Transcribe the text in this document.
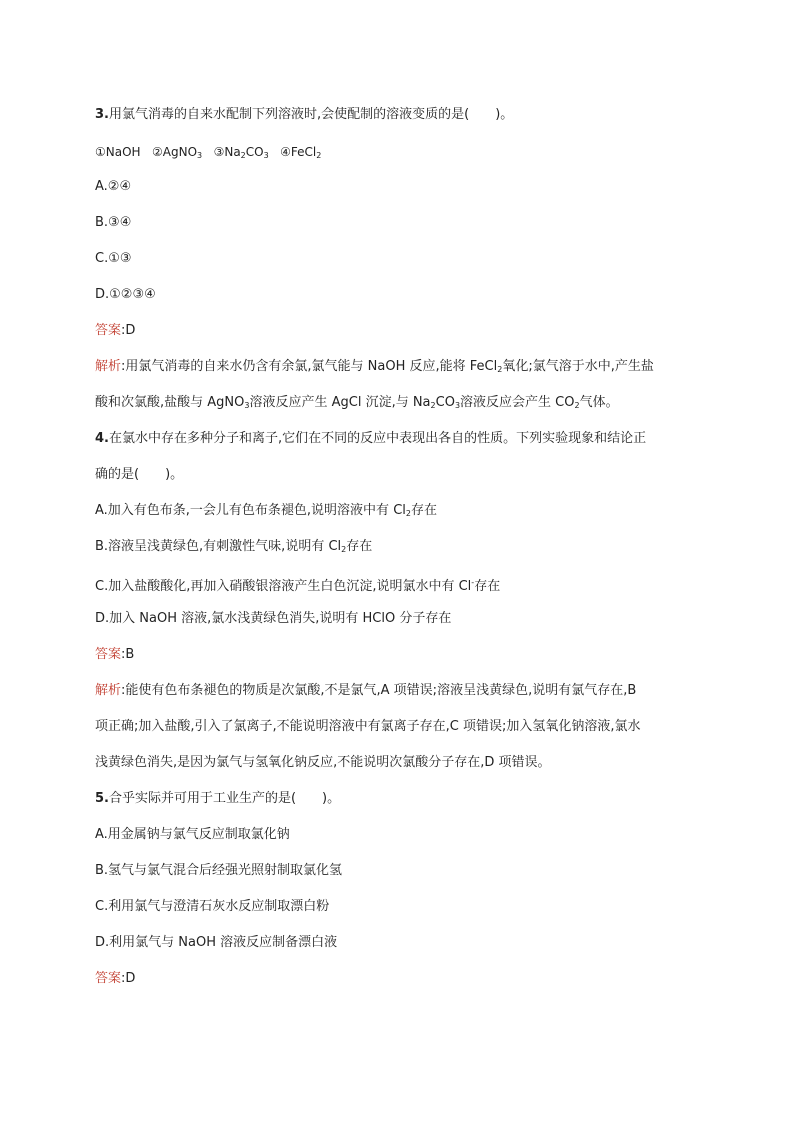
3.用氯气消毒的自来水配制下列溶液时,会使配制的溶液变质的是(　　)。
①NaOH ②AgNO$_3$ $③Na_2CO_3$ ④FeCl$_2$
A.②④
B.③④
C.①③
D.①②③④
答案:D
解析:用氯气消毒的自来水仍含有余氯,氯气能与 NaOH 反应,能将 FeCl$_2$氧化;氯气溶于水中,产生盐
酸和次氯酸,盐酸与 AgNO$_3$溶液反应产生 AgCl 沉淀,与 $Na_2CO_3$溶液反应会产生 $CO_2$气体。
4.在氯水中存在多种分子和离子,它们在不同的反应中表现出各自的性质。下列实验现象和结论正
确的是(　　)。
A.加入有色布条,一会儿有色布条褪色,说明溶液中有 $Cl_2$存在
B.溶液呈浅黄绿色,有刺激性气味,说明有 $Cl_2$存在
C.加入盐酸酸化,再加入硝酸银溶液产生白色沉淀,说明氯水中有 Cl-存在
D.加入 NaOH 溶液,氯水浅黄绿色消失,说明有 HClO 分子存在
答案:B
解析:能使有色布条褪色的物质是次氯酸,不是氯气,A 项错误;溶液呈浅黄绿色,说明有氯气存在,B
项正确;加入盐酸,引入了氯离子,不能说明溶液中有氯离子存在,C 项错误;加入氢氧化钠溶液,氯水
浅黄绿色消失,是因为氯气与氢氧化钠反应,不能说明次氯酸分子存在,D 项错误。
5.合乎实际并可用于工业生产的是(　　)。
A.用金属钠与氯气反应制取氯化钠
B.氢气与氯气混合后经强光照射制取氯化氢
C.利用氯气与澄清石灰水反应制取漂白粉
D.利用氯气与 NaOH 溶液反应制备漂白液
答案:D
